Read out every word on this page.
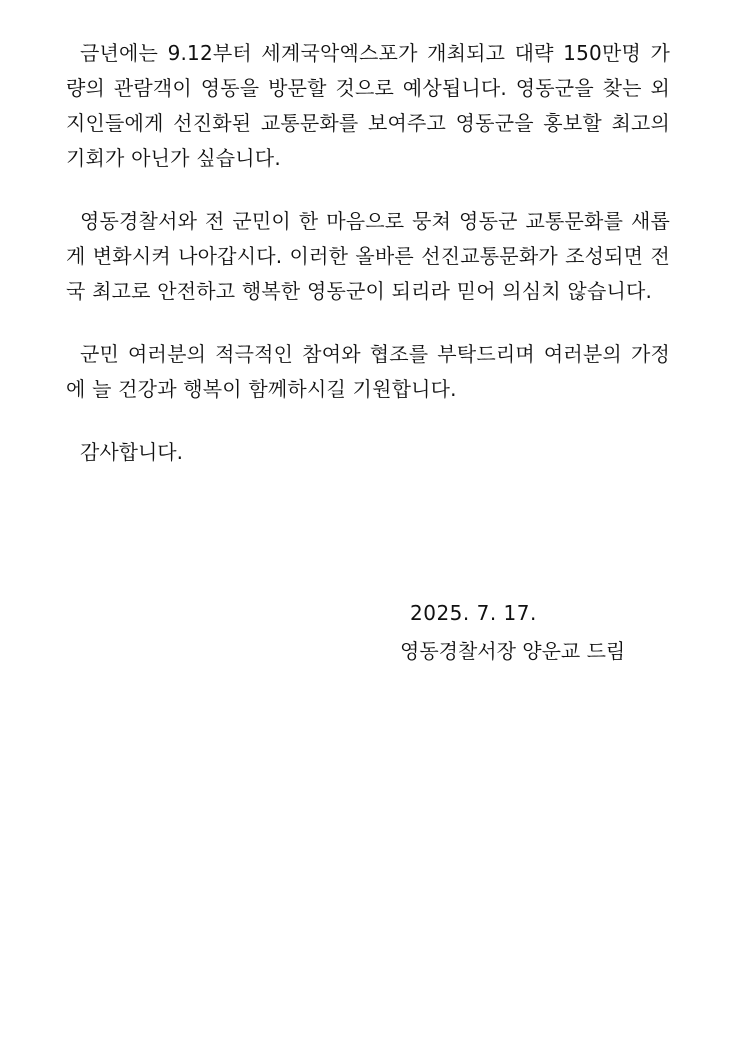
금년에는 9.12부터 세계국악엑스포가 개최되고 대략 150만명 가량의 관람객이 영동을 방문할 것으로 예상됩니다. 영동군을 찾는 외지인들에게 선진화된 교통문화를 보여주고 영동군을 홍보할 최고의 기회가 아닌가 싶습니다.

영동경찰서와 전 군민이 한 마음으로 뭉쳐 영동군 교통문화를 새롭게 변화시켜 나아갑시다. 이러한 올바른 선진교통문화가 조성되면 전국 최고로 안전하고 행복한 영동군이 되리라 믿어 의심치 않습니다.

군민 여러분의 적극적인 참여와 협조를 부탁드리며 여러분의 가정에 늘 건강과 행복이 함께하시길 기원합니다.

감사합니다.
2025. 7. 17.
영동경찰서장 양운교 드림
